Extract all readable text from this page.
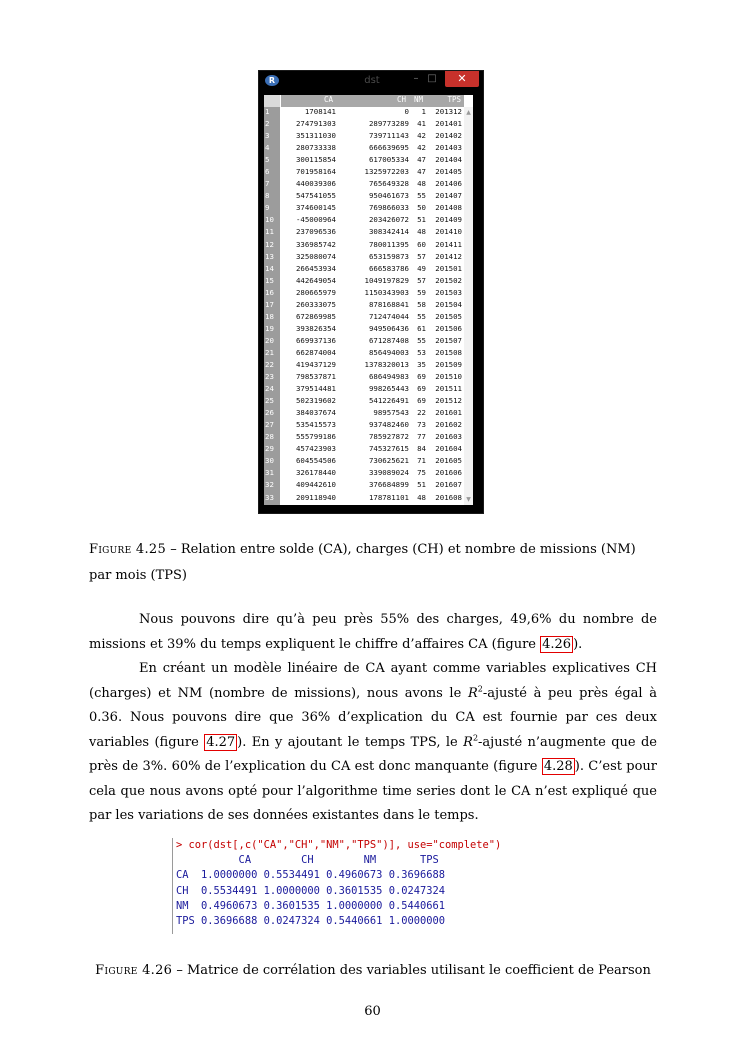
R	dst	– □	✕
CA	CH	NM	TPS
1	1708141	0	1	201312
2	274791303	289773289	41	201401
3	351311030	739711143	42	201402
4	280733338	666639695	42	201403
5	300115854	617005334	47	201404
6	701958164	1325972203	47	201405
7	440039306	765649328	48	201406
8	547541055	950461673	55	201407
9	374600145	769866033	50	201408
10	-45000964	203426072	51	201409
11	237096536	308342414	48	201410
12	336985742	780011395	60	201411
13	325080074	653159873	57	201412
14	266453934	666583786	49	201501
15	442649054	1049197829	57	201502
16	280665979	1150343903	59	201503
17	260333075	878168841	58	201504
18	672869985	712474044	55	201505
19	393826354	949506436	61	201506
20	669937136	671287408	55	201507
21	662874004	856494003	53	201508
22	419437129	1378320013	35	201509
23	798537871	686494983	69	201510
24	379514481	998265443	69	201511
25	502319602	541226491	69	201512
26	384037674	98957543	22	201601
27	535415573	937482460	73	201602
28	555799186	785927872	77	201603
29	457423903	745327615	84	201604
30	604554506	730625621	71	201605
31	326178440	339089024	75	201606
32	409442610	376684899	51	201607
33	209118940	178781101	48	201608
▲
▼
Figure 4.25 – Relation entre solde (CA), charges (CH) et nombre de missions (NM) par mois (TPS)

Nous pouvons dire qu’à peu près 55% des charges, 49,6% du nombre de missions et 39% du temps expliquent le chiffre d’affaires CA (figure 4.26 ).

En créant un modèle linéaire de CA ayant comme variables explicatives CH (charges) et NM (nombre de missions), nous avons le $R^2$-ajusté à peu près égal à 0.36. Nous pouvons dire que 36% d’explication du CA est fournie par ces deux variables (figure 4.27 ). En y ajoutant le temps TPS, le $R^2$-ajusté n’augmente que de près de 3%. 60% de l’explication du CA est donc manquante (figure 4.28 ). C’est pour cela que nous avons opté pour l’algorithme time series dont le CA n’est expliqué que par les variations de ses données existantes dans le temps.

> cor(dst[,c("CA","CH","NM","TPS")], use="complete")
CA        CH        NM       TPS
CA  1.0000000 0.5534491 0.4960673 0.3696688
CH  0.5534491 1.0000000 0.3601535 0.0247324
NM  0.4960673 0.3601535 1.0000000 0.5440661
TPS 0.3696688 0.0247324 0.5440661 1.0000000
Figure 4.26 – Matrice de corrélation des variables utilisant le coefficient de Pearson
60
